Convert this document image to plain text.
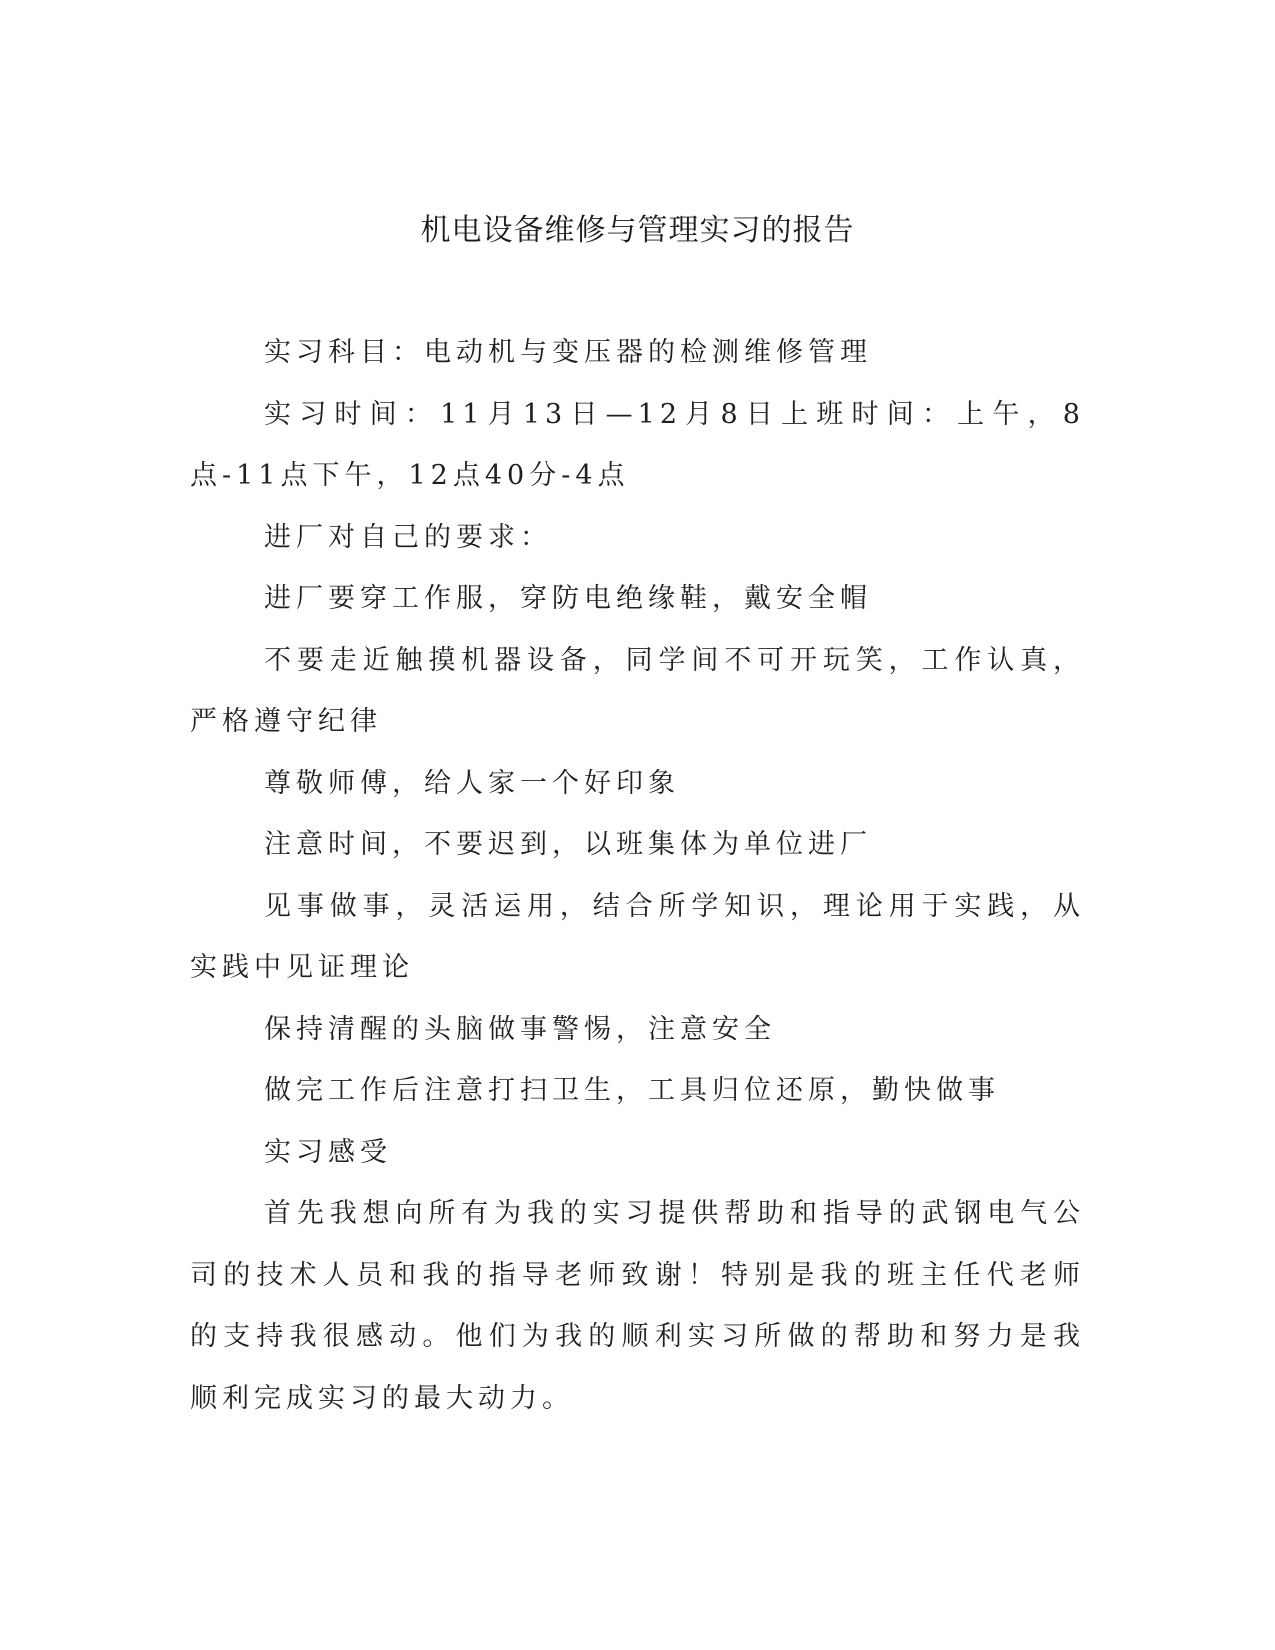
机电设备维修与管理实习的报告

实习科目：电动机与变压器的检测维修管理

实习时间：11月13日—12月8日上班时间：上午，8点-11点下午，12点40分-4点

进厂对自己的要求：

进厂要穿工作服，穿防电绝缘鞋，戴安全帽

不要走近触摸机器设备，同学间不可开玩笑，工作认真，严格遵守纪律

尊敬师傅，给人家一个好印象

注意时间，不要迟到，以班集体为单位进厂

见事做事，灵活运用，结合所学知识，理论用于实践，从实践中见证理论

保持清醒的头脑做事警惕，注意安全

做完工作后注意打扫卫生，工具归位还原，勤快做事

实习感受

首先我想向所有为我的实习提供帮助和指导的武钢电气公司的技术人员和我的指导老师致谢！特别是我的班主任代老师的支持我很感动。他们为我的顺利实习所做的帮助和努力是我顺利完成实习的最大动力。
